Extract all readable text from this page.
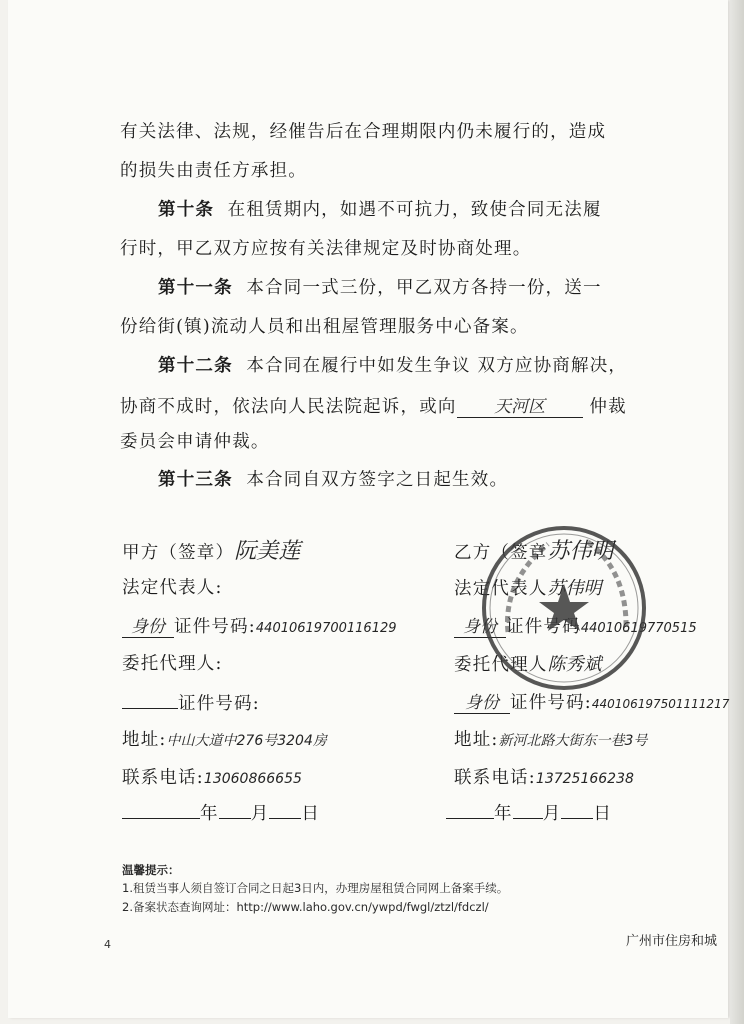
有关法律、法规，经催告后在合理期限内仍未履行的，造成
的损失由责任方承担。
第十条 在租赁期内，如遇不可抗力，致使合同无法履
行时，甲乙双方应按有关法律规定及时协商处理。
第十一条 本合同一式三份，甲乙双方各持一份，送一
份给街(镇)流动人员和出租屋管理服务中心备案。
第十二条 本合同在履行中如发生争议 双方应协商解决，
协商不成时，依法向人民法院起诉，或向 天河区	仲裁
委员会申请仲裁。
第十三条 本合同自双方签字之日起生效。
甲方（签章）阮美莲
法定代表人:
身份 证件号码:440106197001161​29
委托代理人:
证件号码:
地址:中山大道中276号3204房
联系电话:13060866655
年 月 日
乙方（签章苏伟明
法定代表人苏伟明
身份 证件号码440106197705​15
委托代理人陈秀斌
身份 证件号码:440106197501111217
地址:新河北路大街东一巷3号
联系电话:13725166238
年 月 日
温馨提示：
1.租赁当事人须自签订合同之日起3日内，办理房屋租赁合同网上备案手续。
2.备案状态查询网址：http://www.laho.gov.cn/ywpd/fwgl/ztzl/fdczl/
4	广州市住房和城
